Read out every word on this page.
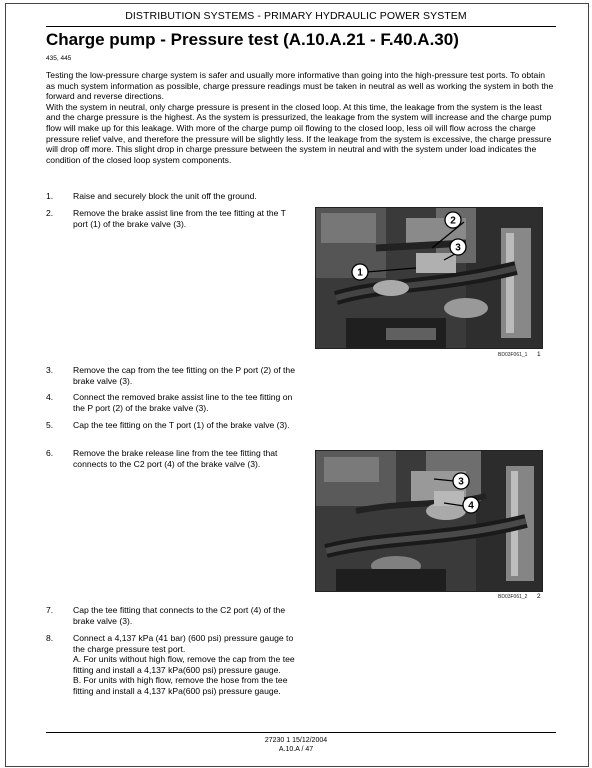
DISTRIBUTION SYSTEMS - PRIMARY HYDRAULIC POWER SYSTEM
Charge pump - Pressure test (A.10.A.21 - F.40.A.30)
435, 445

Testing the low-pressure charge system is safer and usually more informative than going into the high-pressure test ports. To obtain as much system information as possible, charge pressure readings must be taken in neutral as well as working the system in both the forward and reverse directions.

With the system in neutral, only charge pressure is present in the closed loop. At this time, the leakage from the system is the least and the charge pressure is the highest. As the system is pressurized, the leakage from the system will increase and the charge pump flow will make up for this leakage. With more of the charge pump oil flowing to the closed loop, less oil will flow across the charge pressure relief valve, and therefore the pressure will be slightly less. If the leakage from the system is excessive, the charge pressure will drop off more. This slight drop in charge pressure between the system in neutral and with the system under load indicates the condition of the closed loop system components.

1. Raise and securely block the unit off the ground.
2. Remove the brake assist line from the tee fitting at the T port (1) of the brake valve (3).
3. Remove the cap from the tee fitting on the P port (2) of the brake valve (3).
4. Connect the removed brake assist line to the tee fitting on the P port (2) of the brake valve (3).
5. Cap the tee fitting on the T port (1) of the brake valve (3).
6. Remove the brake release line from the tee fitting that connects to the C2 port (4) of the brake valve (3).
7. Cap the tee fitting that connects to the C2 port (4) of the brake valve (3).
8. Connect a 4,137 kPa (41 bar) (600 psi) pressure gauge to the charge pressure test port.
A. For units without high flow, remove the cap from the tee fitting and install a 4,137 kPa(600 psi) pressure gauge.
B. For units with high flow, remove the hose from the tee fitting and install a 4,137 kPa(600 psi) pressure gauge.
2
3
1
BD03F061_1 1
3
4
BD03F061_2 2
27230 1 15/12/2004
A.10.A / 47
